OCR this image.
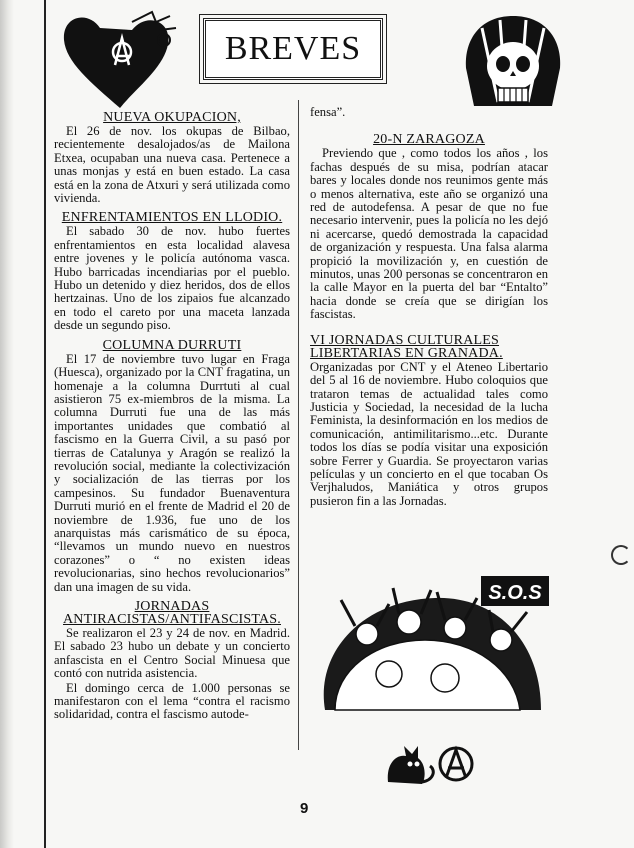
BREVES
NUEVA OKUPACION,

El 26 de nov. los okupas de Bilbao, recientemente desalojados/as de Mailona Etxea, ocupaban una nueva casa. Pertenece a unas monjas y está en buen estado. La casa está en la zona de Atxuri y será utilizada como vivienda.

ENFRENTAMIENTOS EN LLODIO.

El sabado 30 de nov. hubo fuertes enfrentamientos en esta localidad alavesa entre jovenes y le policía autónoma vasca. Hubo barricadas incendiarias por el pueblo. Hubo un detenido y diez heridos, dos de ellos hertzainas. Uno de los zipaios fue alcanzado en todo el careto por una maceta lanzada desde un segundo piso.

COLUMNA DURRUTI

El 17 de noviembre tuvo lugar en Fraga (Huesca), organizado por la CNT fragatina, un homenaje a la columna Durrtuti al cual asistieron 75 ex-miembros de la misma. La columna Durruti fue una de las más importantes unidades que combatió al fascismo en la Guerra Civil, a su pasó por tierras de Catalunya y Aragón se realizó la revolución social, mediante la colectivización y socialización de las tierras por los campesinos. Su fundador Buenaventura Durruti murió en el frente de Madrid el 20 de noviembre de 1.936, fue uno de los anarquistas más carismático de su época, “llevamos un mundo nuevo en nuestros corazones” o “ no existen ideas revolucionarias, sino hechos revolucionarios” dan una imagen de su vida.

JORNADAS ANTIRACISTAS/ANTIFASCISTAS.

Se realizaron el 23 y 24 de nov. en Madrid. El sabado 23 hubo un debate y un concierto anfascista en el Centro Social Minuesa que contó con nutrida asistencia.

El domingo cerca de 1.000 personas se manifestaron con el lema “contra el racismo solidaridad, contra el fascismo autode-

fensa”.

20-N ZARAGOZA

Previendo que , como todos los años , los fachas después de su misa, podrían atacar bares y locales donde nos reunimos gente más o menos alternativa, este año se organizó una red de autodefensa. A pesar de que no fue necesario intervenir, pues la policía no les dejó ni acercarse, quedó demostrada la capacidad de organización y respuesta. Una falsa alarma propició la movilización y, en cuestión de minutos, unas 200 personas se concentraron en la calle Mayor en la puerta del bar “Entalto” hacia donde se creía que se dirigían los fascistas.

VI JORNADAS CULTURALES LIBERTARIAS EN GRANADA.

Organizadas por CNT y el Ateneo Libertario del 5 al 16 de noviembre. Hubo coloquios que trataron temas de actualidad tales como Justicia y Sociedad, la necesidad de la lucha Feminista, la desinformación en los medios de comunicación, antimilitarismo...etc. Durante todos los días se podía visitar una exposición sobre Ferrer y Guardia. Se proyectaron varias películas y un concierto en el que tocaban Os Verjhaludos, Maniática y otros grupos pusieron fin a las Jornadas.

S.O.S
9
